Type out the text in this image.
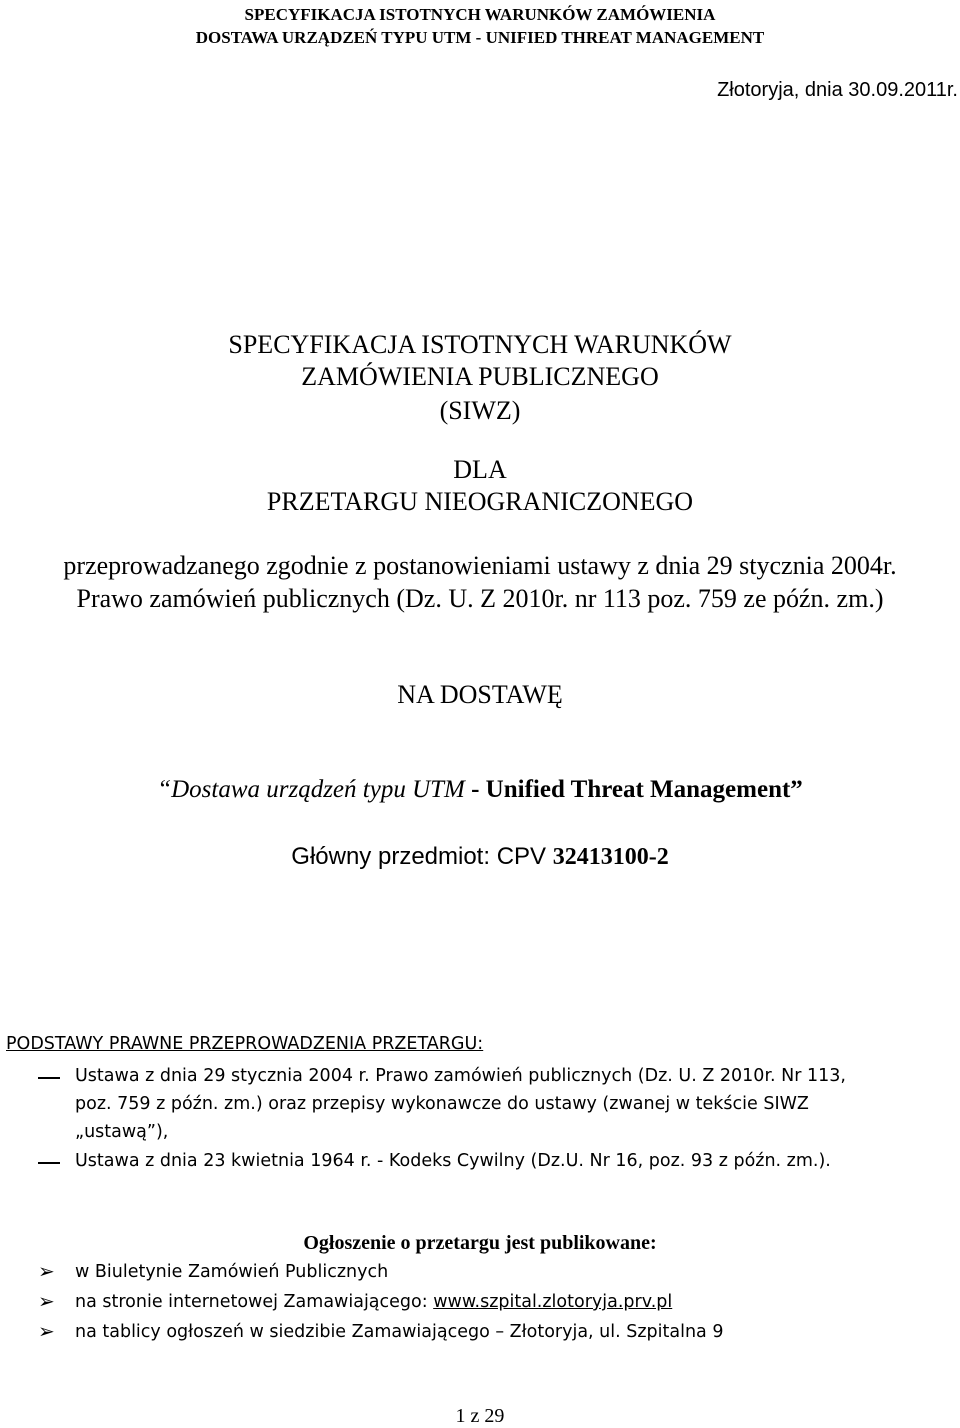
SPECYFIKACJA ISTOTNYCH WARUNKÓW ZAMÓWIENIA

DOSTAWA URZĄDZEŃ TYPU UTM - UNIFIED THREAT MANAGEMENT

Złotoryja, dnia 30.09.2011r.

SPECYFIKACJA ISTOTNYCH WARUNKÓW

ZAMÓWIENIA PUBLICZNEGO

(SIWZ)

DLA

PRZETARGU NIEOGRANICZONEGO

przeprowadzanego zgodnie z postanowieniami ustawy z dnia 29 stycznia 2004r.

Prawo zamówień publicznych (Dz. U. Z 2010r. nr 113 poz. 759 ze późn. zm.)

NA DOSTAWĘ

“Dostawa urządzeń typu UTM - Unified Threat Management”

Główny przedmiot: CPV 32413100-2

PODSTAWY PRAWNE PRZEPROWADZENIA PRZETARGU:

Ustawa z dnia 29 stycznia 2004 r. Prawo zamówień publicznych (Dz. U. Z 2010r. Nr 113,

poz. 759 z późn. zm.) oraz przepisy wykonawcze do ustawy (zwanej w tekście SIWZ

„ustawą”),

Ustawa z dnia 23 kwietnia 1964 r. - Kodeks Cywilny (Dz.U. Nr 16, poz. 93 z późn. zm.).

Ogłoszenie o przetargu jest publikowane:

➢ w Biuletynie Zamówień Publicznych

➢ na stronie internetowej Zamawiającego: www.szpital.zlotoryja.prv.pl

➢ na tablicy ogłoszeń w siedzibie Zamawiającego – Złotoryja, ul. Szpitalna 9

1 z 29
